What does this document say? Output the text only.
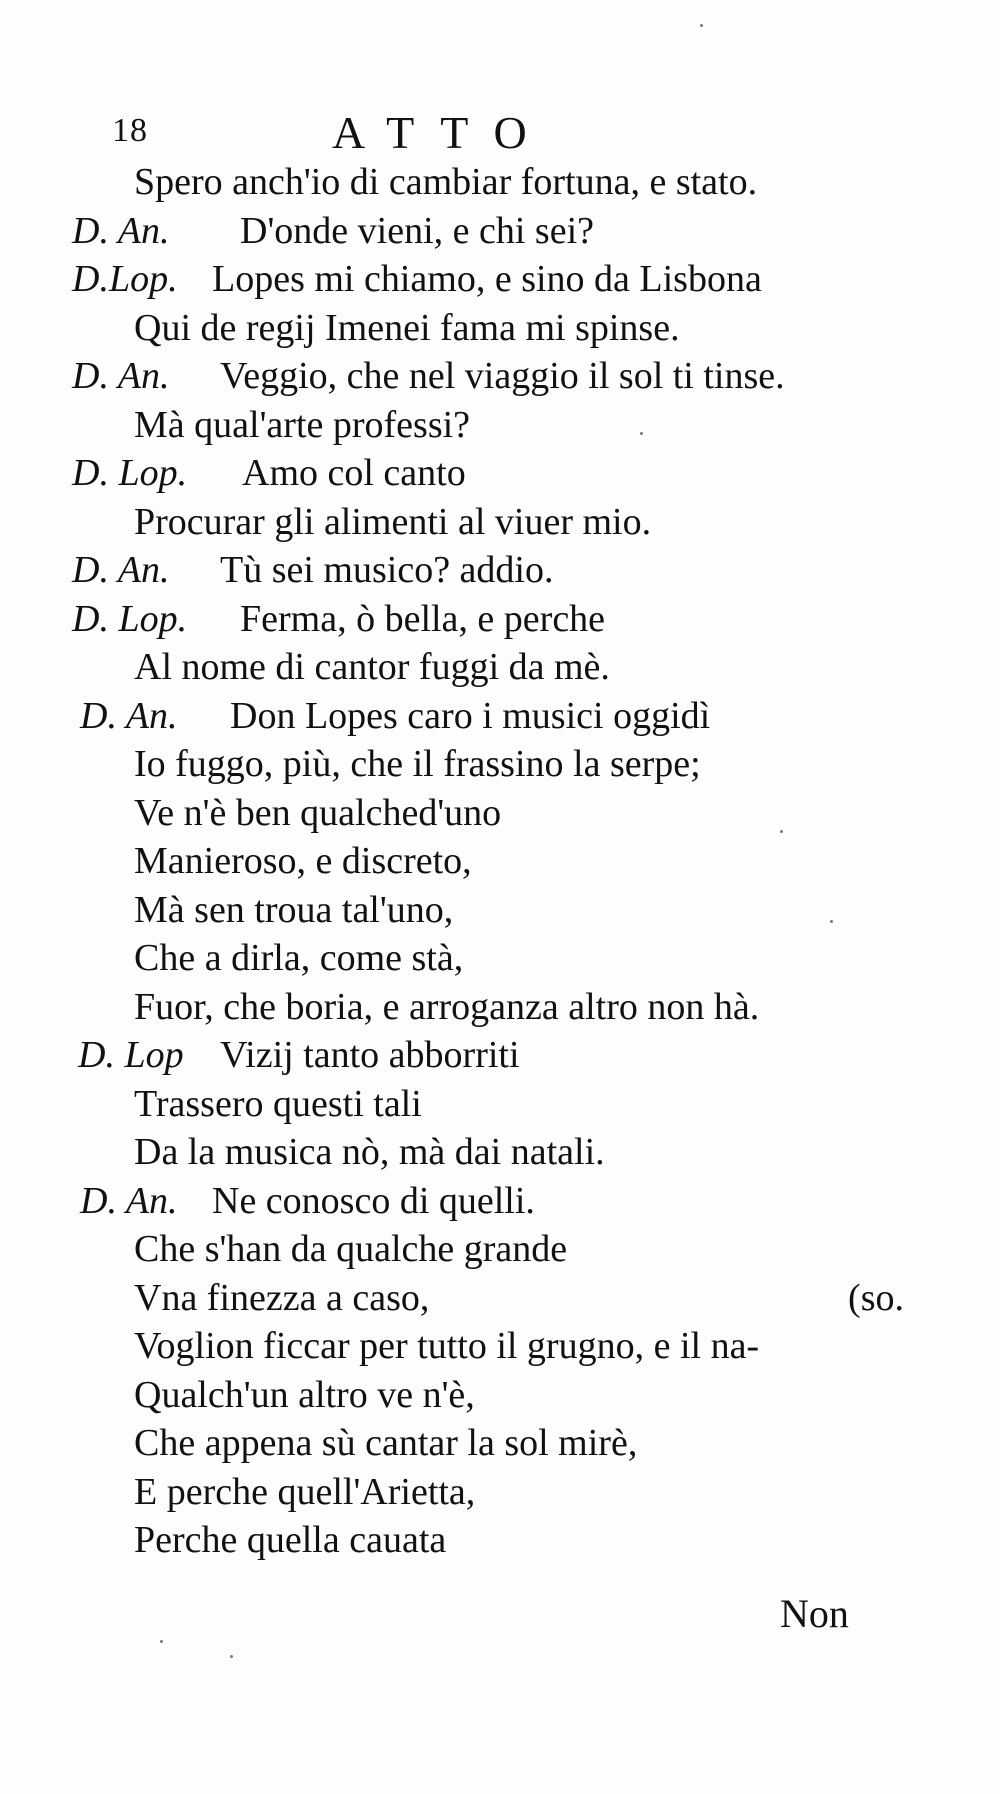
18	ATTO
Spero anch'io di cambiar fortuna, e stato.
D. An. D'onde vieni, e chi sei?
D.Lop. Lopes mi chiamo, e sino da Lisbona
Qui de regij Imenei fama mi spinse.
D. An. Veggio, che nel viaggio il sol ti tinse.
Mà qual'arte professi?
D. Lop. Amo col canto
Procurar gli alimenti al viuer mio.
D. An. Tù sei musico? addio.
D. Lop. Ferma, ò bella, e perche
Al nome di cantor fuggi da mè.
D. An. Don Lopes caro i musici oggidì
Io fuggo, più, che il frassino la serpe;
Ve n'è ben qualched'uno
Manieroso, e discreto,
Mà sen troua tal'uno,
Che a dirla, come stà,
Fuor, che boria, e arroganza altro non hà.
D. Lop Vizij tanto abborriti
Trassero questi tali
Da la musica nò, mà dai natali.
D. An. Ne conosco di quelli.
Che s'han da qualche grande
Vna finezza a caso,	(so.
Voglion ficcar per tutto il grugno, e il na-
Qualch'un altro ve n'è,
Che appena sù cantar la sol mirè,
E perche quell'Arietta,
Perche quella cauata
Non
